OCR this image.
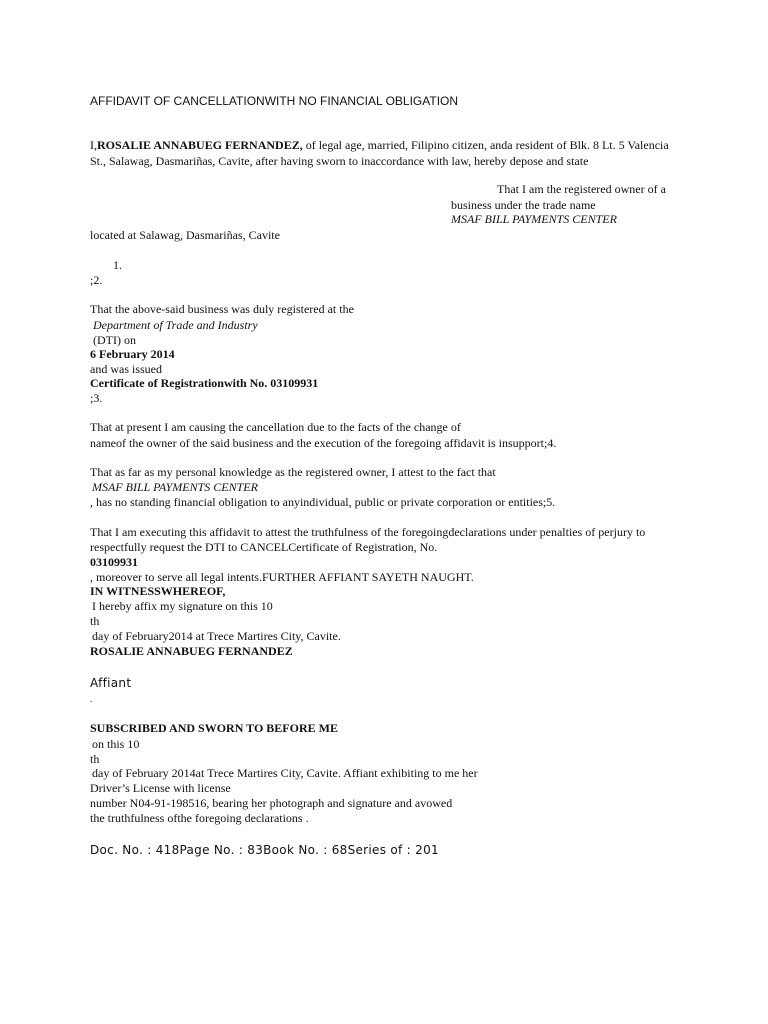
AFFIDAVIT OF CANCELLATIONWITH NO FINANCIAL OBLIGATION
I,ROSALIE ANNABUEG FERNANDEZ, of legal age, married, Filipino citizen, anda resident of Blk. 8 Lt. 5 Valencia
St., Salawag, Dasmariñas, Cavite, after having sworn to inaccordance with law, hereby depose and state
That I am the registered owner of a
business under the trade name
MSAF BILL PAYMENTS CENTER
located at Salawag, Dasmariñas, Cavite
1.
;2.
That the above-said business was duly registered at the
Department of Trade and Industry
(DTI) on
6 February 2014
and was issued
Certificate of Registrationwith No. 03109931
;3.
That at present I am causing the cancellation due to the facts of the change of
nameof the owner of the said business and the execution of the foregoing affidavit is insupport;4.
That as far as my personal knowledge as the registered owner, I attest to the fact that
MSAF BILL PAYMENTS CENTER
, has no standing financial obligation to anyindividual, public or private corporation or entities;5.
That I am executing this affidavit to attest the truthfulness of the foregoingdeclarations under penalties of perjury to
respectfully request the DTI to CANCELCertificate of Registration, No.
03109931
, moreover to serve all legal intents.FURTHER AFFIANT SAYETH NAUGHT.
IN WITNESSWHEREOF,
I hereby affix my signature on this 10
th
day of February2014 at Trece Martires City, Cavite.
ROSALIE ANNABUEG FERNANDEZ
Affiant
.
SUBSCRIBED AND SWORN TO BEFORE ME
on this 10
th
day of February 2014at Trece Martires City, Cavite. Affiant exhibiting to me her
Driver’s License with license
number N04-91-198516, bearing her photograph and signature and avowed
the truthfulness ofthe foregoing declarations .
Doc. No. : 418Page No. : 83Book No. : 68Series of : 201
